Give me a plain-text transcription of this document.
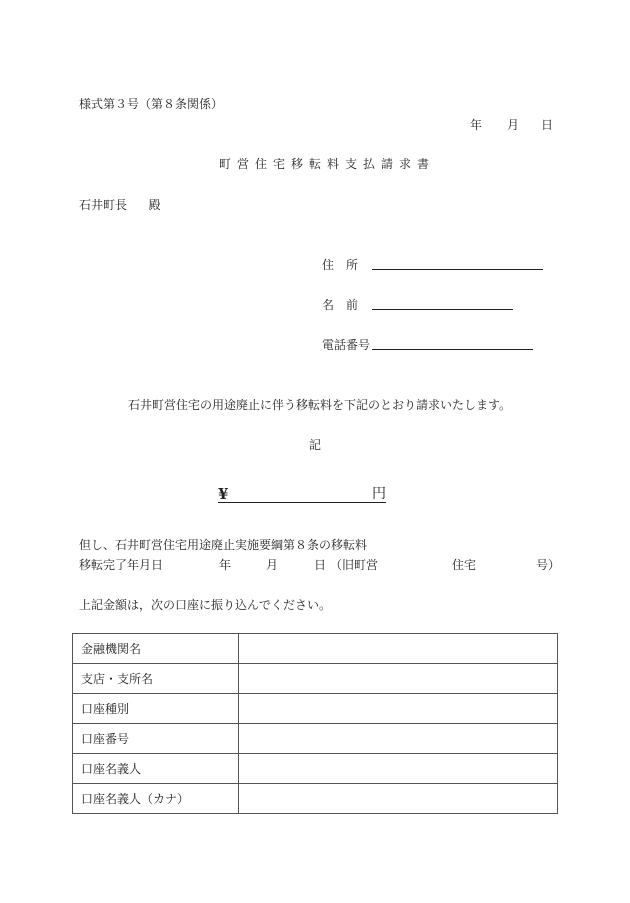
様式第３号（第８条関係）
年 月 日
町営住宅移転料支払請求書
石井町長 殿
住　所
名　前
電話番号
石井町営住宅の用途廃止に伴う移転料を下記のとおり請求いたします。
記
¥	円
但し、石井町営住宅用途廃止実施要綱第８条の移転料
移転完了年月日	年	月	日 （旧町営	住宅	号）
上記金額は，次の口座に振り込んでください。
金融機関名	
支店・支所名	
口座種別	
口座番号	
口座名義人	
口座名義人（カナ）	
